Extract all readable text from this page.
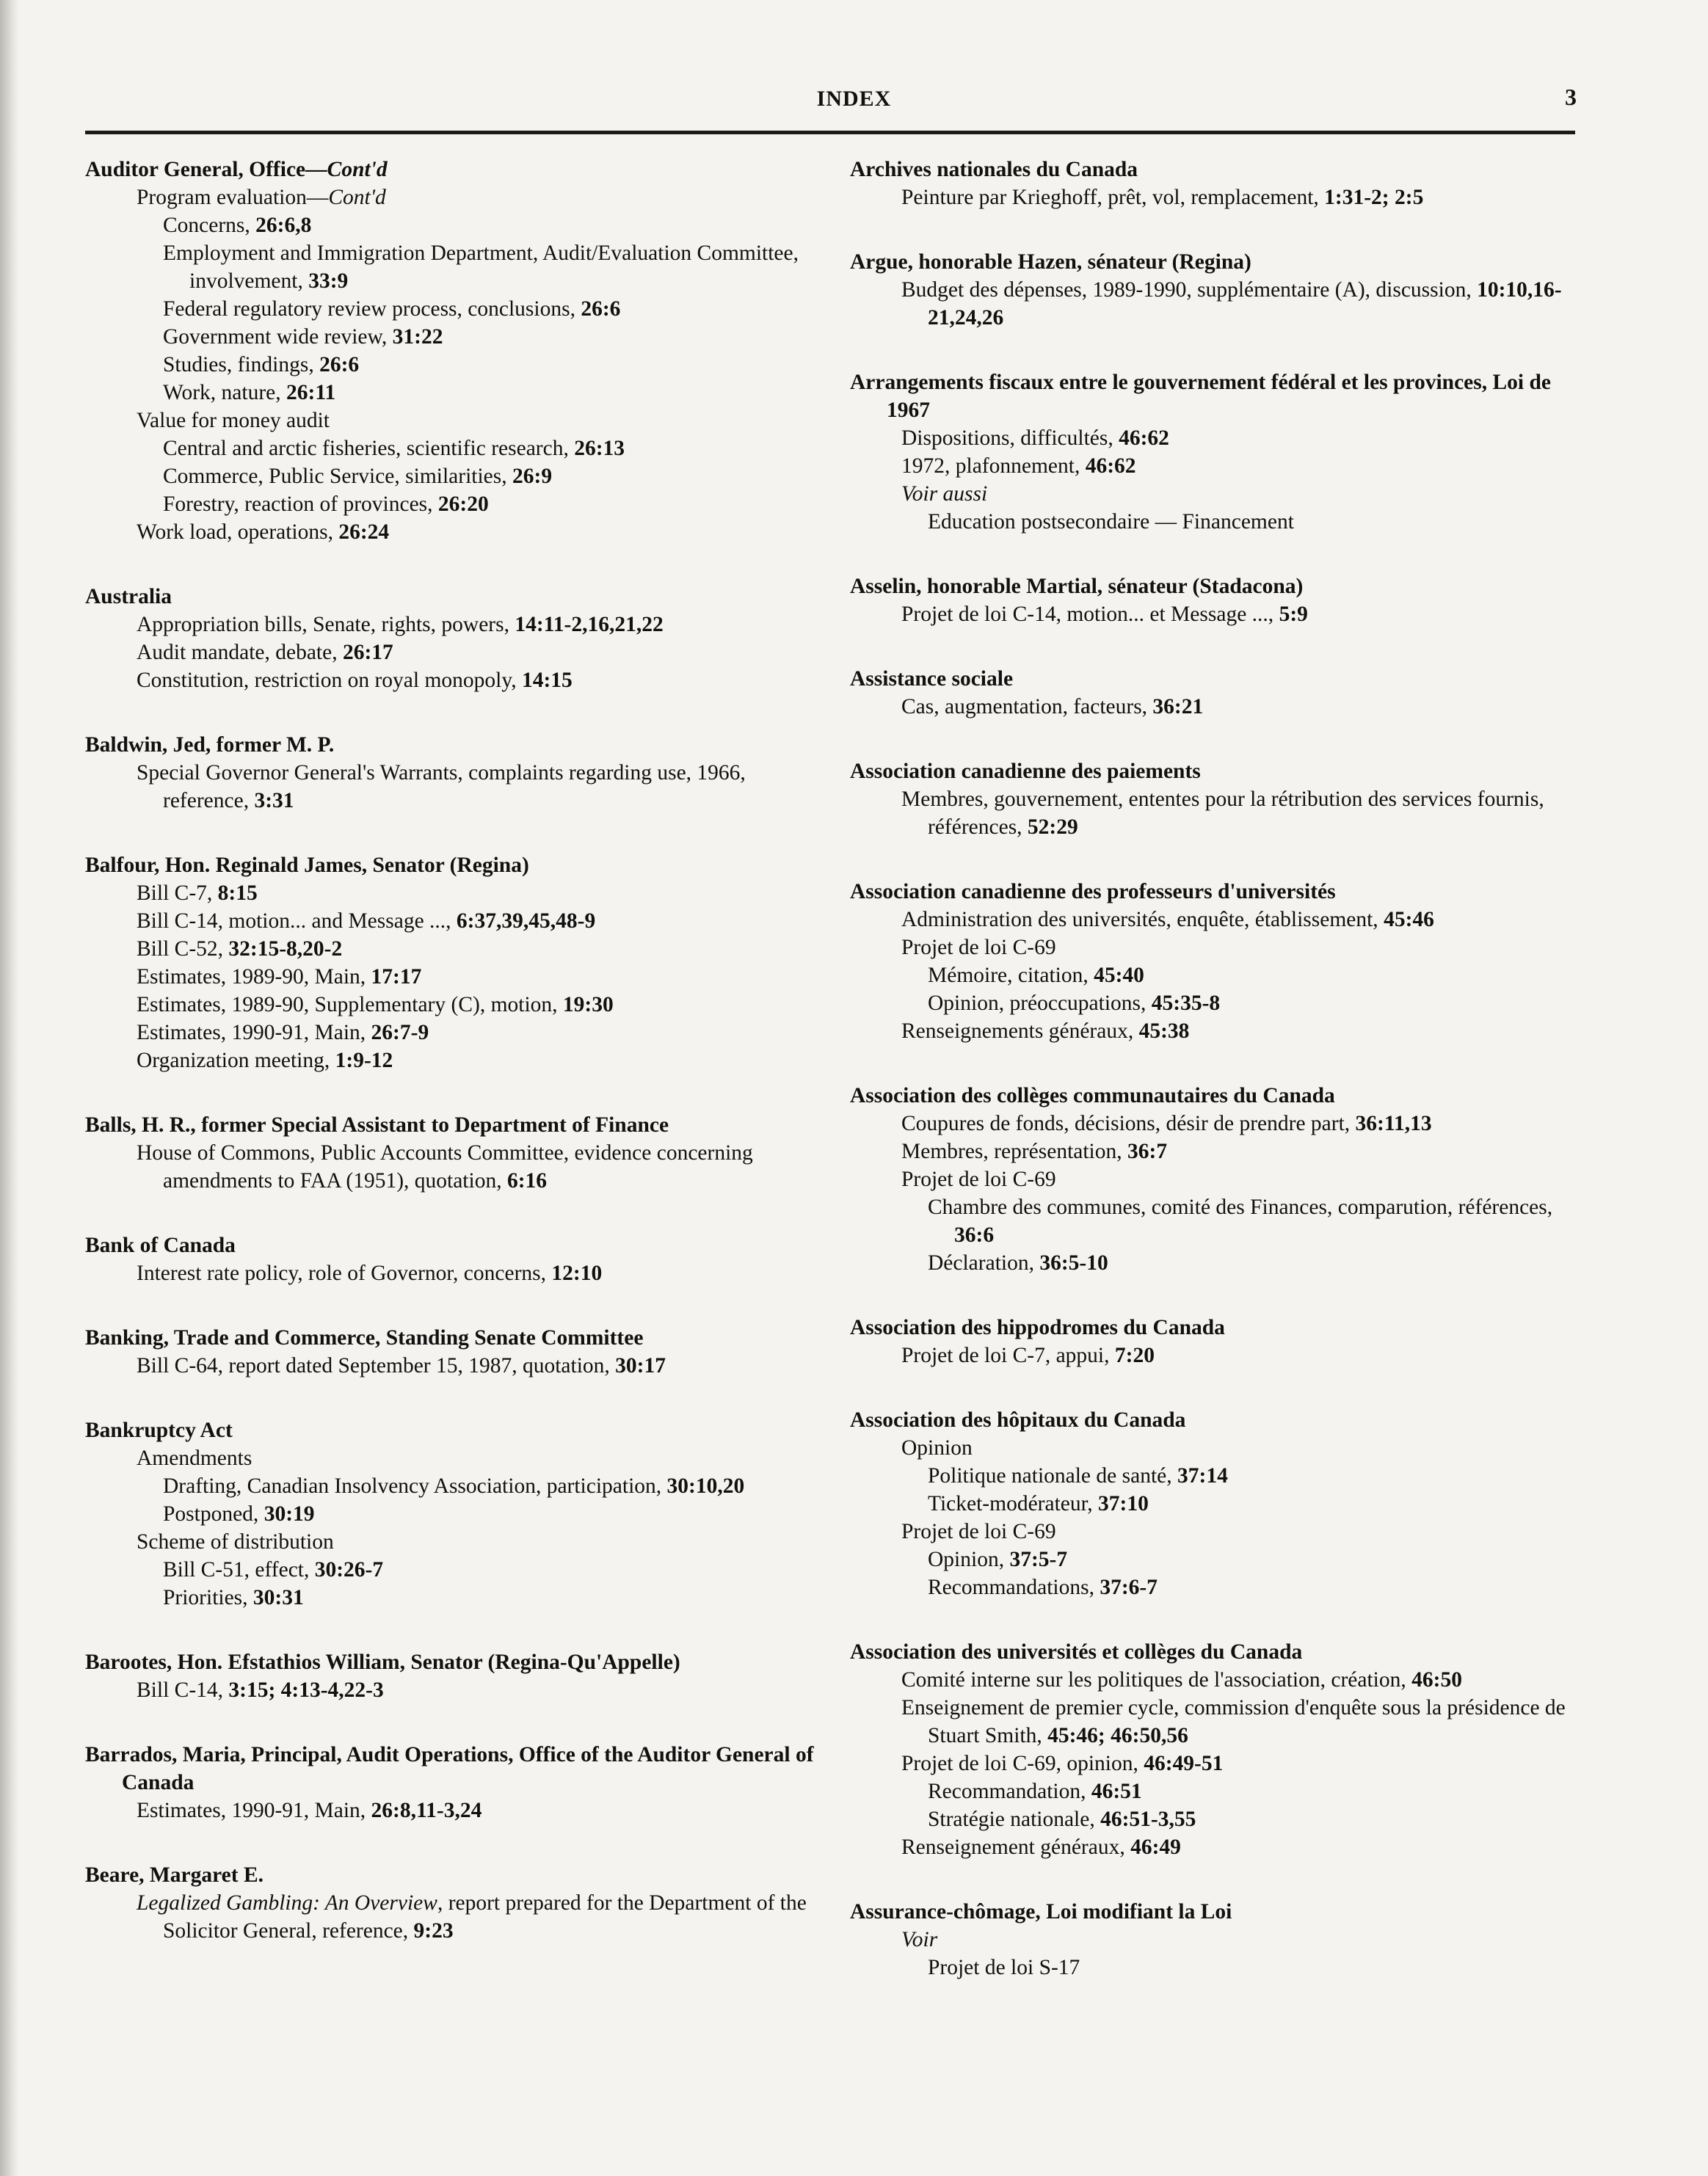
INDEX	3
Auditor General, Office—Cont'd
Program evaluation—Cont'd
Concerns, 26:6,8
Employment and Immigration Department, Audit/Evaluation Committee, involvement, 33:9
Federal regulatory review process, conclusions, 26:6
Government wide review, 31:22
Studies, findings, 26:6
Work, nature, 26:11
Value for money audit
Central and arctic fisheries, scientific research, 26:13
Commerce, Public Service, similarities, 26:9
Forestry, reaction of provinces, 26:20
Work load, operations, 26:24
Australia
Appropriation bills, Senate, rights, powers, 14:11-2,16,21,22
Audit mandate, debate, 26:17
Constitution, restriction on royal monopoly, 14:15
Baldwin, Jed, former M. P.
Special Governor General's Warrants, complaints regarding use, 1966, reference, 3:31
Balfour, Hon. Reginald James, Senator (Regina)
Bill C-7, 8:15
Bill C-14, motion... and Message ..., 6:37,39,45,48-9
Bill C-52, 32:15-8,20-2
Estimates, 1989-90, Main, 17:17
Estimates, 1989-90, Supplementary (C), motion, 19:30
Estimates, 1990-91, Main, 26:7-9
Organization meeting, 1:9-12
Balls, H. R., former Special Assistant to Department of Finance
House of Commons, Public Accounts Committee, evidence concerning amendments to FAA (1951), quotation, 6:16
Bank of Canada
Interest rate policy, role of Governor, concerns, 12:10
Banking, Trade and Commerce, Standing Senate Committee
Bill C-64, report dated September 15, 1987, quotation, 30:17
Bankruptcy Act
Amendments
Drafting, Canadian Insolvency Association, participation, 30:10,20
Postponed, 30:19
Scheme of distribution
Bill C-51, effect, 30:26-7
Priorities, 30:31
Barootes, Hon. Efstathios William, Senator (Regina-Qu'Appelle)
Bill C-14, 3:15; 4:13-4,22-3
Barrados, Maria, Principal, Audit Operations, Office of the Auditor General of Canada
Estimates, 1990-91, Main, 26:8,11-3,24
Beare, Margaret E.
Legalized Gambling: An Overview, report prepared for the Department of the Solicitor General, reference, 9:23
Archives nationales du Canada
Peinture par Krieghoff, prêt, vol, remplacement, 1:31-2; 2:5
Argue, honorable Hazen, sénateur (Regina)
Budget des dépenses, 1989-1990, supplémentaire (A), discussion, 10:10,16-21,24,26
Arrangements fiscaux entre le gouvernement fédéral et les provinces, Loi de 1967
Dispositions, difficultés, 46:62
1972, plafonnement, 46:62
Voir aussi
Education postsecondaire — Financement
Asselin, honorable Martial, sénateur (Stadacona)
Projet de loi C-14, motion... et Message ..., 5:9
Assistance sociale
Cas, augmentation, facteurs, 36:21
Association canadienne des paiements
Membres, gouvernement, ententes pour la rétribution des services fournis, références, 52:29
Association canadienne des professeurs d'universités
Administration des universités, enquête, établissement, 45:46
Projet de loi C-69
Mémoire, citation, 45:40
Opinion, préoccupations, 45:35-8
Renseignements généraux, 45:38
Association des collèges communautaires du Canada
Coupures de fonds, décisions, désir de prendre part, 36:11,13
Membres, représentation, 36:7
Projet de loi C-69
Chambre des communes, comité des Finances, comparution, références, 36:6
Déclaration, 36:5-10
Association des hippodromes du Canada
Projet de loi C-7, appui, 7:20
Association des hôpitaux du Canada
Opinion
Politique nationale de santé, 37:14
Ticket-modérateur, 37:10
Projet de loi C-69
Opinion, 37:5-7
Recommandations, 37:6-7
Association des universités et collèges du Canada
Comité interne sur les politiques de l'association, création, 46:50
Enseignement de premier cycle, commission d'enquête sous la présidence de Stuart Smith, 45:46; 46:50,56
Projet de loi C-69, opinion, 46:49-51
Recommandation, 46:51
Stratégie nationale, 46:51-3,55
Renseignement généraux, 46:49
Assurance-chômage, Loi modifiant la Loi
Voir
Projet de loi S-17
